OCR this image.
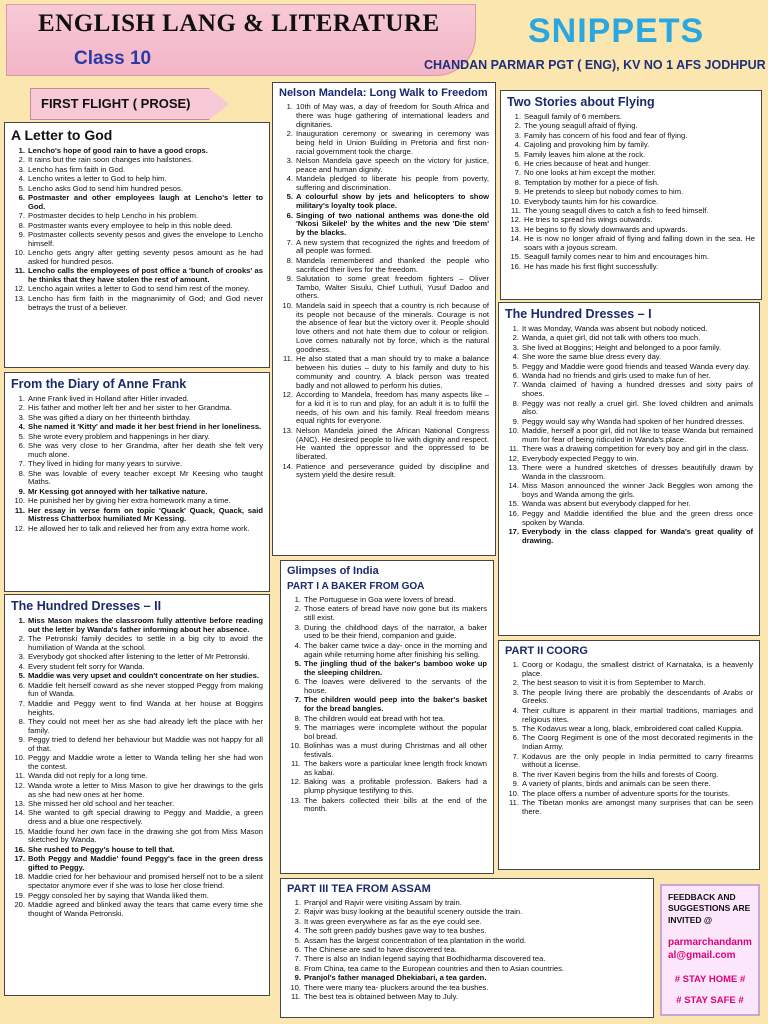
ENGLISH LANG & LITERATURE
Class 10
SNIPPETS
CHANDAN PARMAR PGT ( ENG), KV NO 1 AFS JODHPUR
FIRST FLIGHT ( PROSE)
A Letter to God
1. Lencho's hope of good rain to have a good crops.
2. It rains but the rain soon changes into hailstones.
3. Lencho has firm faith in God.
4. Lencho writes a letter to God to help him.
5. Lencho asks God to send him hundred pesos.
6. Postmaster and other employees laugh at Lencho's letter to God.
7. Postmaster decides to help Lencho in his problem.
8. Postmaster wants every employee to help in this noble deed.
9. Postmaster collects seventy pesos and gives the envelope to Lencho himself.
10. Lencho gets angry after getting seventy pesos amount as he had asked for hundred pesos.
11. Lencho calls the employees of post office a 'bunch of crooks' as he thinks that they have stolen the rest of amount.
12. Lencho again writes a letter to God to send him rest of the money.
13. Lencho has firm faith in the magnanimity of God; and God never betrays the trust of a believer.
From the Diary of Anne Frank
1. Anne Frank lived in Holland after Hitler invaded.
2. His father and mother left her and her sister to her Grandma.
3. She was gifted a diary on her thirteenth birthday.
4. She named it 'Kitty' and made it her best friend in her loneliness.
5. She wrote every problem and happenings in her diary.
6. She was very close to her Grandma, after her death she felt very much alone.
7. They lived in hiding for many years to survive.
8. She was lovable of every teacher except Mr Keesing who taught Maths.
9. Mr Kessing got annoyed with her talkative nature.
10. He punished her by giving her extra homework many a time.
11. Her essay in verse form on topic 'Quack' Quack, Quack, said Mistress Chatterbox humiliated Mr Kessing.
12. He allowed her to talk and relieved her from any extra home work.
The Hundred Dresses – II
1. Miss Mason makes the classroom fully attentive before reading out the letter by Wanda's father informing about her absence.
2. The Petronski family decides to settle in a big city to avoid the humiliation of Wanda at the school.
3. Everybody got shocked after listening to the letter of Mr Petronski.
4. Every student felt sorry for Wanda.
5. Maddie was very upset and couldn't concentrate on her studies.
6. Maddie felt herself coward as she never stopped Peggy from making fun of Wanda.
7. Maddie and Peggy went to find Wanda at her house at Boggins heights.
8. They could not meet her as she had already left the place with her family.
9. Peggy tried to defend her behaviour but Maddie was not happy for all of that.
10. Peggy and Maddie wrote a letter to Wanda telling her she had won the contest.
11. Wanda did not reply for a long time.
12. Wanda wrote a letter to Miss Mason to give her drawings to the girls as she had new ones at her home.
13. She missed her old school and her teacher.
14. She wanted to gift special drawing to Peggy and Maddie, a green dress and a blue one respectively.
15. Maddie found her own face in the drawing she got from Miss Mason sketched by Wanda.
16. She rushed to Peggy's house to tell that.
17. Both Peggy and Maddie' found Peggy's face in the green dress gifted to Peggy.
18. Maddie cried for her behaviour and promised herself not to be a silent spectator anymore ever if she was to lose her close friend.
19. Peggy consoled her by saying that Wanda liked them.
20. Maddie agreed and blinked away the tears that came every time she thought of Wanda Petronski.
Nelson Mandela: Long Walk to Freedom
1. 10th of May was, a day of freedom for South Africa and there was huge gathering of international leaders and dignitaries.
2. Inauguration ceremony or swearing in ceremony was being held in Union Building in Pretoria and first non-racial government took the charge.
3. Nelson Mandela gave speech on the victory for justice, peace and human dignity.
4. Mandela pledged to liberate his people from poverty, suffering and discrimination.
5. A colourful show by jets and helicopters to show military's loyalty took place.
6. Singing of two national anthems was done-the old 'Nkosi Sikelel' by the whites and the new 'Die stem' by the blacks.
7. A new system that recognized the rights and freedom of all people was formed.
8. Mandela remembered and thanked the people who sacrificed their lives for the freedom.
9. Salutation to some great freedom fighters – Oliver Tambo, Walter Sisulu, Chief Luthuli, Yusuf Dadoo and others.
10. Mandela said in speech that a country is rich because of its people not because of the minerals. Courage is not the absence of fear but the victory over it. People should love others and not hate them due to colour or religion. Love comes naturally not by force, which is the natural goodness.
11. He also stated that a man should try to make a balance between his duties – duty to his family and duty to his community and country. A black person was treated badly and not allowed to perform his duties.
12. According to Mandela, freedom has many aspects like – for a kid it is to run and play, for an adult it is to fulfil the needs, of his own and his family. Real freedom means equal rights for everyone.
13. Nelson Mandela joined the African National Congress (ANC). He desired people to live with dignity and respect. He wanted the oppressor and the oppressed to be liberated.
14. Patience and perseverance guided by discipline and system yield the desire result.
Glimpses of India
PART I A BAKER FROM GOA
1. The Portuguese in Goa were lovers of bread.
2. Those eaters of bread have now gone but its makers still exist.
3. During the childhood days of the narrator, a baker used to be their friend, companion and guide.
4. The baker came twice a day- once in the morning and again while returning home after finishing his selling.
5. The jingling thud of the baker's bamboo woke up the sleeping children.
6. The loaves were delivered to the servants of the house.
7. The children would peep into the baker's basket for the bread bangles.
8. The children would eat bread with hot tea.
9. The marriages were incomplete without the popular bol bread.
10. Bolinhas was a must during Christmas and all other festivals.
11. The bakers wore a particular knee length frock known as kabai.
12. Baking was a profitable profession. Bakers had a plump physique testifying to this.
13. The bakers collected their bills at the end of the month.
PART III TEA FROM ASSAM
1. Pranjol and Rajvir were visiting Assam by train.
2. Rajvir was busy looking at the beautiful scenery outside the train.
3. It was green everywhere as far as the eye could see.
4. The soft green paddy bushes gave way to tea bushes.
5. Assam has the largest concentration of tea plantation in the world.
6. The Chinese are said to have discovered tea.
7. There is also an Indian legend saying that Bodhidharma discovered tea.
8. From China, tea came to the European countries and then to Asian countries.
9. Pranjol's father managed Dhekiabari, a tea garden.
10. There were many tea- pluckers around the tea bushes.
11. The best tea is obtained between May to July.
Two Stories about Flying
1. Seagull family of 6 members.
2. The young seagull afraid of flying.
3. Family has concern of his food and fear of flying.
4. Cajoling and provoking him by family.
5. Family leaves him alone at the rock.
6. He cries because of heat and hunger.
7. No one looks at him except the mother.
8. Temptation by mother for a piece of fish.
9. He pretends to sleep but nobody comes to him.
10. Everybody taunts him for his cowardice.
11. The young seagull dives to catch a fish to feed himself.
12. He tries to spread his wings outwards.
13. He begins to fly slowly downwards and upwards.
14. He is now no longer afraid of flying and falling down in the sea. He soars with a joyous scream.
15. Seagull family comes near to him and encourages him.
16. He has made his first flight successfully.
The Hundred Dresses – I
1. It was Monday, Wanda was absent but nobody noticed.
2. Wanda, a quiet girl, did not talk with others too much.
3. She lived at Boggins; Height and belonged to a poor family.
4. She wore the same blue dress every day.
5. Peggy and Maddie were good friends and teased Wanda every day.
6. Wanda had no friends and girls used to make fun of her.
7. Wanda claimed of having a hundred dresses and sixty pairs of shoes.
8. Peggy was not really a cruel girl. She loved children and animals also.
9. Peggy would say why Wanda had spoken of her hundred dresses.
10. Maddie, herself a poor girl, did not like to tease Wanda but remained mum for fear of being ridiculed in Wanda's place.
11. There was a drawing competition for every boy and girl in the class.
12. Everybody expected Peggy to win.
13. There were a hundred sketches of dresses beautifully drawn by Wanda in the classroom.
14. Miss Mason announced the winner Jack Beggles won among the boys and Wanda among the girls.
15. Wanda was absent but everybody clapped for her.
16. Peggy and Maddie identified the blue and the green dress once spoken by Wanda.
17. Everybody in the class clapped for Wanda's great quality of drawing.
PART II COORG
1. Coorg or Kodagu, the smallest district of Karnataka, is a heavenly place.
2. The best season to visit it is from September to March.
3. The people living there are probably the descendants of Arabs or Greeks.
4. Their culture is apparent in their martial traditions, marriages and religious rites.
5. The Kodavus wear a long, black, embroidered coat called Kuppia.
6. The Coorg Regiment is one of the most decorated regiments in the Indian Army.
7. Kodavus are the only people in India permitted to carry firearms without a license.
8. The river Kaveri begins from the hills and forests of Coorg.
9. A variety of plants, birds and animals can be seen there.
10. The place offers a number of adventure sports for the tourists.
11. The Tibetan monks are amongst many surprises that can be seen there.
FEEDBACK AND SUGGESTIONS ARE INVITED @
parmarchandanmal@gmail.com
# STAY HOME #
# STAY SAFE #
